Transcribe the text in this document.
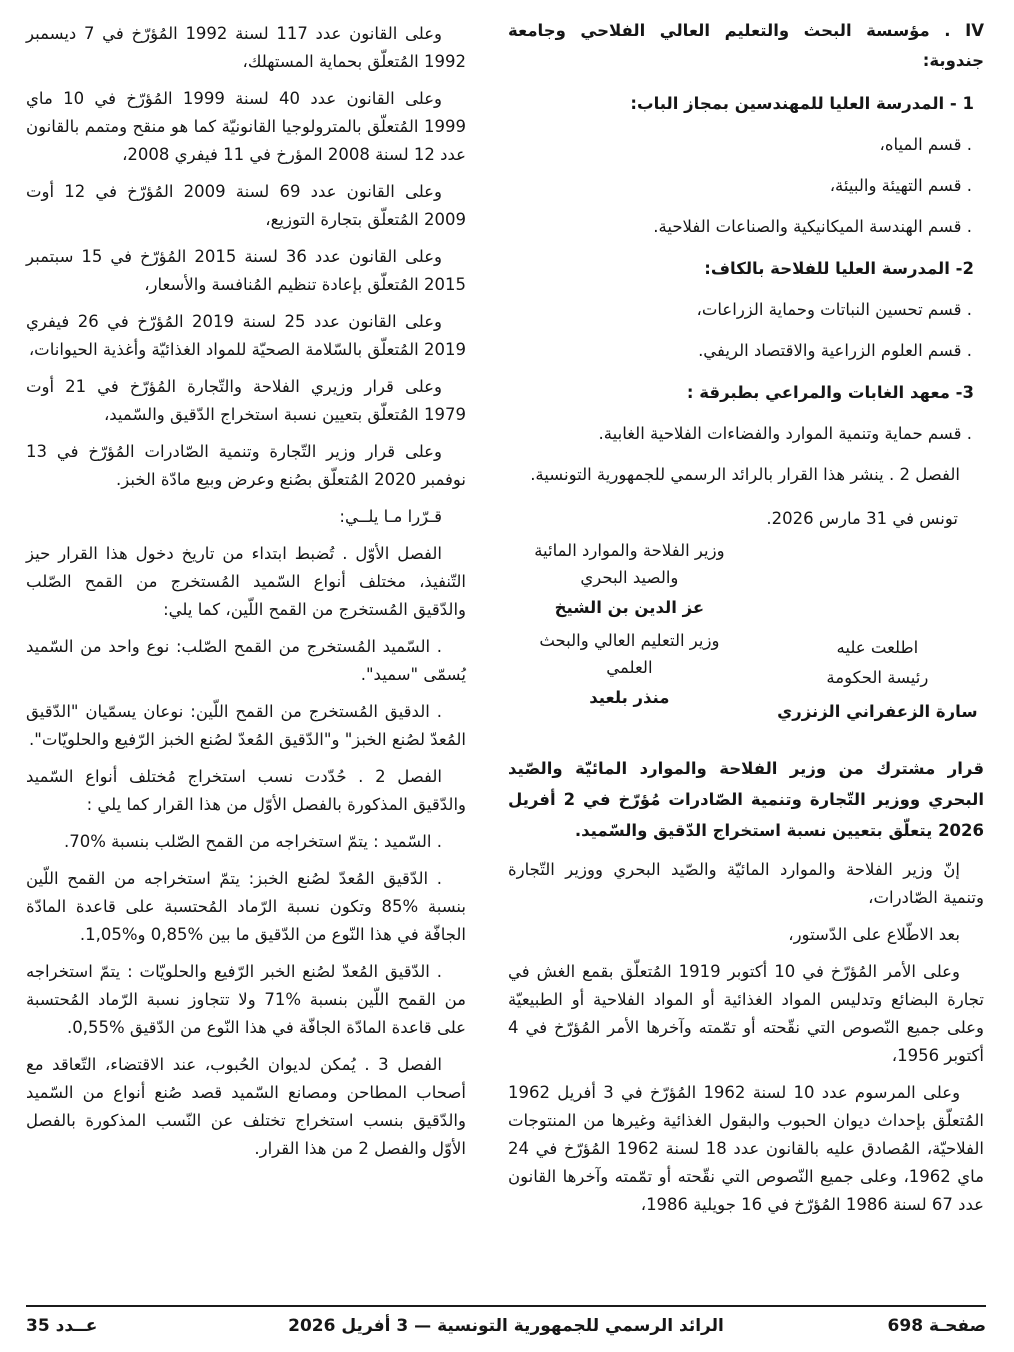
IV . مؤسسة البحث والتعليم العالي الفلاحي وجامعة جندوبة:

1 - المدرسة العليا للمهندسين بمجاز الباب:

. قسم المياه،

. قسم التهيئة والبيئة،

. قسم الهندسة الميكانيكية والصناعات الفلاحية.

2- المدرسة العليا للفلاحة بالكاف:

. قسم تحسين النباتات وحماية الزراعات،

. قسم العلوم الزراعية والاقتصاد الريفي.

3- معهد الغابات والمراعي بطبرقة :

. قسم حماية وتنمية الموارد والفضاءات الفلاحية الغابية.

الفصل 2 . ينشر هذا القرار بالرائد الرسمي للجمهورية التونسية.

تونس في 31 مارس 2026.

اطلعت عليه
رئيسة الحكومة
سارة الزعفراني الزنزري
وزير الفلاحة والموارد المائية والصيد البحري
عز الدين بن الشيخ
وزير التعليم العالي والبحث العلمي
منذر بلعيد

قرار مشترك من وزير الفلاحة والموارد المائيّة والصّيد البحري ووزير التّجارة وتنمية الصّادرات مُؤرّخ في 2 أفريل 2026 يتعلّق بتعيين نسبة استخراج الدّقيق والسّميد.

إنّ وزير الفلاحة والموارد المائيّة والصّيد البحري ووزير التّجارة وتنمية الصّادرات،

بعد الاطّلاع على الدّستور،

وعلى الأمر المُؤرّخ في 10 أكتوبر 1919 المُتعلّق بقمع الغش في تجارة البضائع وتدليس المواد الغذائية أو المواد الفلاحية أو الطبيعيّة وعلى جميع النّصوص التي نقّحته أو تمّمته وآخرها الأمر المُؤرّخ في 4 أكتوبر 1956،

وعلى المرسوم عدد 10 لسنة 1962 المُؤرّخ في 3 أفريل 1962 المُتعلّق بإحداث ديوان الحبوب والبقول الغذائية وغيرها من المنتوجات الفلاحيّة، المُصادق عليه بالقانون عدد 18 لسنة 1962 المُؤرّخ في 24 ماي 1962، وعلى جميع النّصوص التي نقّحته أو تمّمته وآخرها القانون عدد 67 لسنة 1986 المُؤرّخ في 16 جويلية 1986،

وعلى القانون عدد 117 لسنة 1992 المُؤرّخ في 7 ديسمبر 1992 المُتعلّق بحماية المستهلك،

وعلى القانون عدد 40 لسنة 1999 المُؤرّخ في 10 ماي 1999 المُتعلّق بالمترولوجيا القانونيّة كما هو منقح ومتمم بالقانون عدد 12 لسنة 2008 المؤرخ في 11 فيفري 2008،

وعلى القانون عدد 69 لسنة 2009 المُؤرّخ في 12 أوت 2009 المُتعلّق بتجارة التوزيع،

وعلى القانون عدد 36 لسنة 2015 المُؤرّخ في 15 سبتمبر 2015 المُتعلّق بإعادة تنظيم المُنافسة والأسعار،

وعلى القانون عدد 25 لسنة 2019 المُؤرّخ في 26 فيفري 2019 المُتعلّق بالسّلامة الصحيّة للمواد الغذائيّة وأغذية الحيوانات،

وعلى قرار وزيري الفلاحة والتّجارة المُؤرّخ في 21 أوت 1979 المُتعلّق بتعيين نسبة استخراج الدّقيق والسّميد،

وعلى قرار وزير التّجارة وتنمية الصّادرات المُؤرّخ في 13 نوفمبر 2020 المُتعلّق بصُنع وعرض وبيع مادّة الخبز.

قـرّرا مـا يلــي:

الفصل الأوّل . تُضبط ابتداء من تاريخ دخول هذا القرار حيز التّنفيذ، مختلف أنواع السّميد المُستخرج من القمح الصّلب والدّقيق المُستخرج من القمح اللّين، كما يلي:

. السّميد المُستخرج من القمح الصّلب: نوع واحد من السّميد يُسمّى "سميد".

. الدقيق المُستخرج من القمح اللّين: نوعان يسمّيان "الدّقيق المُعدّ لصُنع الخبز" و"الدّقيق المُعدّ لصُنع الخبز الرّفيع والحلويّات".

الفصل 2 . حُدّدت نسب استخراج مُختلف أنواع السّميد والدّقيق المذكورة بالفصل الأوّل من هذا القرار كما يلي :

. السّميد : يتمّ استخراجه من القمح الصّلب بنسبة %70.

. الدّقيق المُعدّ لصُنع الخبز: يتمّ استخراجه من القمح اللّين بنسبة %85 وتكون نسبة الرّماد المُحتسبة على قاعدة المادّة الجافّة في هذا النّوع من الدّقيق ما بين %0,85 و%1,05.

. الدّقيق المُعدّ لصُنع الخبر الرّفيع والحلويّات : يتمّ استخراجه من القمح اللّين بنسبة %71 ولا تتجاوز نسبة الرّماد المُحتسبة على قاعدة المادّة الجافّة في هذا النّوع من الدّقيق %0,55.

الفصل 3 . يُمكن لديوان الحُبوب، عند الاقتضاء، التّعاقد مع أصحاب المطاحن ومصانع السّميد قصد صُنع أنواع من السّميد والدّقيق بنسب استخراج تختلف عن النّسب المذكورة بالفصل الأوّل والفصل 2 من هذا القرار.

صفحـة 698
الرائد الرسمي للجمهورية التونسية — 3 أفريل 2026
عــدد 35
